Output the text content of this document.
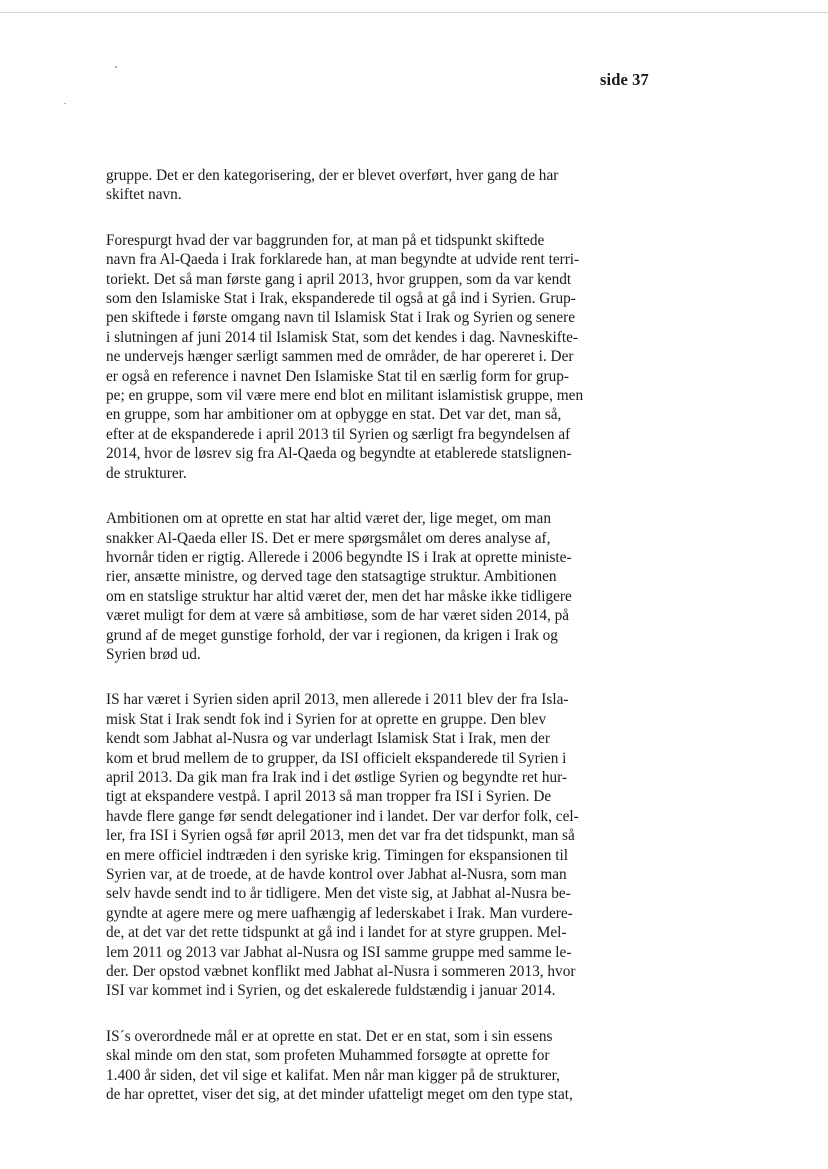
side 37

gruppe. Det er den kategorisering, der er blevet overført, hver gang de har
skiftet navn.

Forespurgt hvad der var baggrunden for, at man på et tidspunkt skiftede
navn fra Al-Qaeda i Irak forklarede han, at man begyndte at udvide rent terri-
toriekt. Det så man første gang i april 2013, hvor gruppen, som da var kendt
som den Islamiske Stat i Irak, ekspanderede til også at gå ind i Syrien. Grup-
pen skiftede i første omgang navn til Islamisk Stat i Irak og Syrien og senere
i slutningen af juni 2014 til Islamisk Stat, som det kendes i dag. Navneskifte-
ne undervejs hænger særligt sammen med de områder, de har opereret i. Der
er også en reference i navnet Den Islamiske Stat til en særlig form for grup-
pe; en gruppe, som vil være mere end blot en militant islamistisk gruppe, men
en gruppe, som har ambitioner om at opbygge en stat. Det var det, man så,
efter at de ekspanderede i april 2013 til Syrien og særligt fra begyndelsen af
2014, hvor de løsrev sig fra Al-Qaeda og begyndte at etablerede statslignen-
de strukturer.

Ambitionen om at oprette en stat har altid været der, lige meget, om man
snakker Al-Qaeda eller IS. Det er mere spørgsmålet om deres analyse af,
hvornår tiden er rigtig. Allerede i 2006 begyndte IS i Irak at oprette ministe-
rier, ansætte ministre, og derved tage den statsagtige struktur. Ambitionen
om en statslige struktur har altid været der, men det har måske ikke tidligere
været muligt for dem at være så ambitiøse, som de har været siden 2014, på
grund af de meget gunstige forhold, der var i regionen, da krigen i Irak og
Syrien brød ud.

IS har været i Syrien siden april 2013, men allerede i 2011 blev der fra Isla-
misk Stat i Irak sendt fok ind i Syrien for at oprette en gruppe. Den blev
kendt som Jabhat al-Nusra og var underlagt Islamisk Stat i Irak, men der
kom et brud mellem de to grupper, da ISI officielt ekspanderede til Syrien i
april 2013. Da gik man fra Irak ind i det østlige Syrien og begyndte ret hur-
tigt at ekspandere vestpå. I april 2013 så man tropper fra ISI i Syrien. De
havde flere gange før sendt delegationer ind i landet. Der var derfor folk, cel-
ler, fra ISI i Syrien også før april 2013, men det var fra det tidspunkt, man så
en mere officiel indtræden i den syriske krig. Timingen for ekspansionen til
Syrien var, at de troede, at de havde kontrol over Jabhat al-Nusra, som man
selv havde sendt ind to år tidligere. Men det viste sig, at Jabhat al-Nusra be-
gyndte at agere mere og mere uafhængig af lederskabet i Irak. Man vurdere-
de, at det var det rette tidspunkt at gå ind i landet for at styre gruppen. Mel-
lem 2011 og 2013 var Jabhat al-Nusra og ISI samme gruppe med samme le-
der. Der opstod væbnet konflikt med Jabhat al-Nusra i sommeren 2013, hvor
ISI var kommet ind i Syrien, og det eskalerede fuldstændig i januar 2014.

IS´s overordnede mål er at oprette en stat. Det er en stat, som i sin essens
skal minde om den stat, som profeten Muhammed forsøgte at oprette for
1.400 år siden, det vil sige et kalifat. Men når man kigger på de strukturer,
de har oprettet, viser det sig, at det minder ufatteligt meget om den type stat,
